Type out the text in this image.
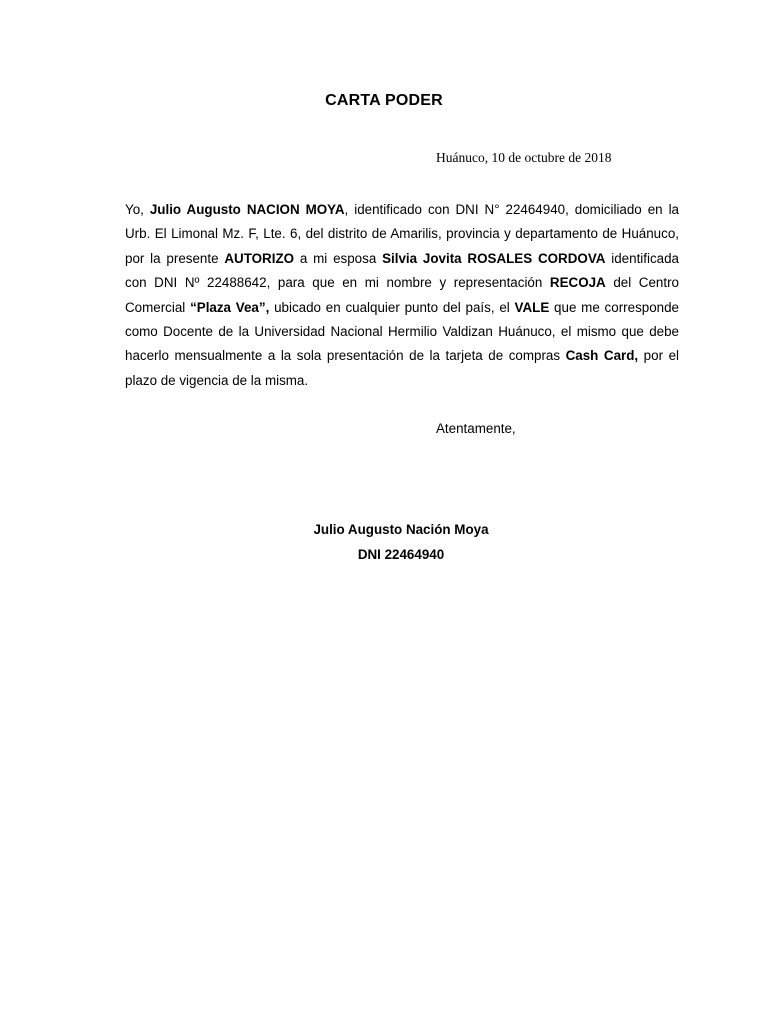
CARTA PODER
Huánuco, 10 de octubre de 2018

Yo, Julio Augusto NACION MOYA, identificado con DNI N° 22464940, domiciliado en la Urb. El Limonal Mz. F, Lte. 6, del distrito de Amarilis, provincia y departamento de Huánuco, por la presente AUTORIZO a mi esposa Silvia Jovita ROSALES CORDOVA identificada con DNI Nº 22488642, para que en mi nombre y representación RECOJA del Centro Comercial “Plaza Vea”, ubicado en cualquier punto del país, el VALE que me corresponde como Docente de la Universidad Nacional Hermilio Valdizan Huánuco, el mismo que debe hacerlo mensualmente a la sola presentación de la tarjeta de compras Cash Card, por el plazo de vigencia de la misma.

Atentamente,
Julio Augusto Nación Moya
DNI 22464940
